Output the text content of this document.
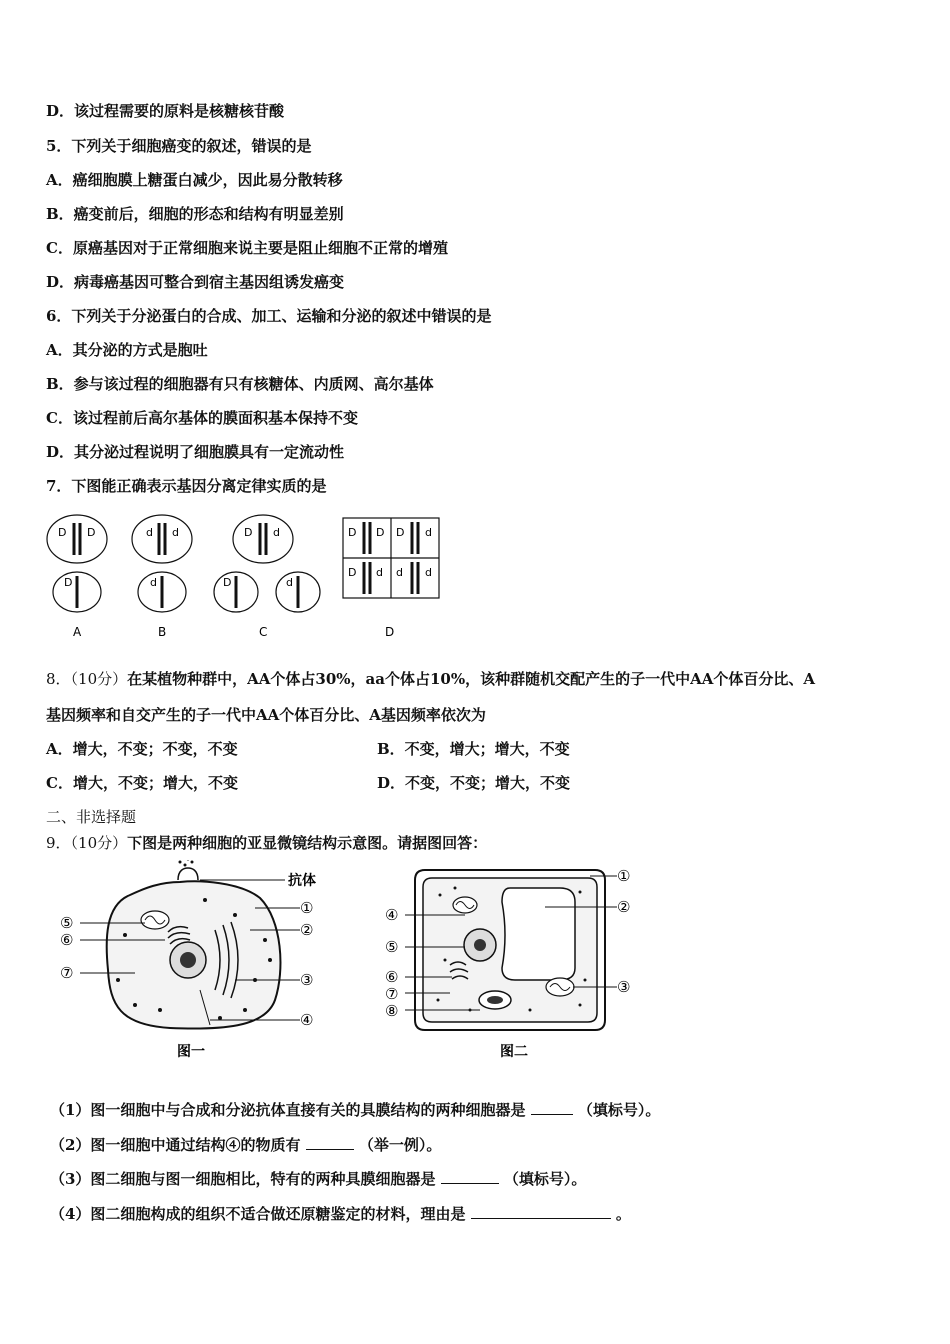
D．该过程需要的原料是核糖核苷酸
5．下列关于细胞癌变的叙述，错误的是
A．癌细胞膜上糖蛋白减少，因此易分散转移
B．癌变前后，细胞的形态和结构有明显差别
C．原癌基因对于正常细胞来说主要是阻止细胞不正常的增殖
D．病毒癌基因可整合到宿主基因组诱发癌变
6．下列关于分泌蛋白的合成、加工、运输和分泌的叙述中错误的是
A．其分泌的方式是胞吐
B．参与该过程的细胞器有只有核糖体、内质网、高尔基体
C．该过程前后高尔基体的膜面积基本保持不变
D．其分泌过程说明了细胞膜具有一定流动性
7．下图能正确表示基因分离定律实质的是
D D
D
d d
d
D d
D	d
D D D d
D d d d
A	B	C	D
8．（10分）在某植物种群中，AA个体占30%，aa个体占10%，该种群随机交配产生的子一代中AA个体百分比、A
基因频率和自交产生的子一代中AA个体百分比、A基因频率依次为
A．增大，不变；不变，不变	B．不变，增大；增大，不变
C．增大，不变；增大，不变	D．不变，不变；增大，不变
二、非选择题
9．（10分）下图是两种细胞的亚显微镜结构示意图。请据图回答：
抗体
⑤
⑥
⑦
①
②
③
④
图一
④
⑤
⑥
⑦
⑧
①
②
③
图二
（1）图一细胞中与合成和分泌抗体直接有关的具膜结构的两种细胞器是	（填标号）。
（2）图一细胞中通过结构④的物质有	（举一例）。
（3）图二细胞与图一细胞相比，特有的两种具膜细胞器是	（填标号）。
（4）图二细胞构成的组织不适合做还原糖鉴定的材料，理由是	。
